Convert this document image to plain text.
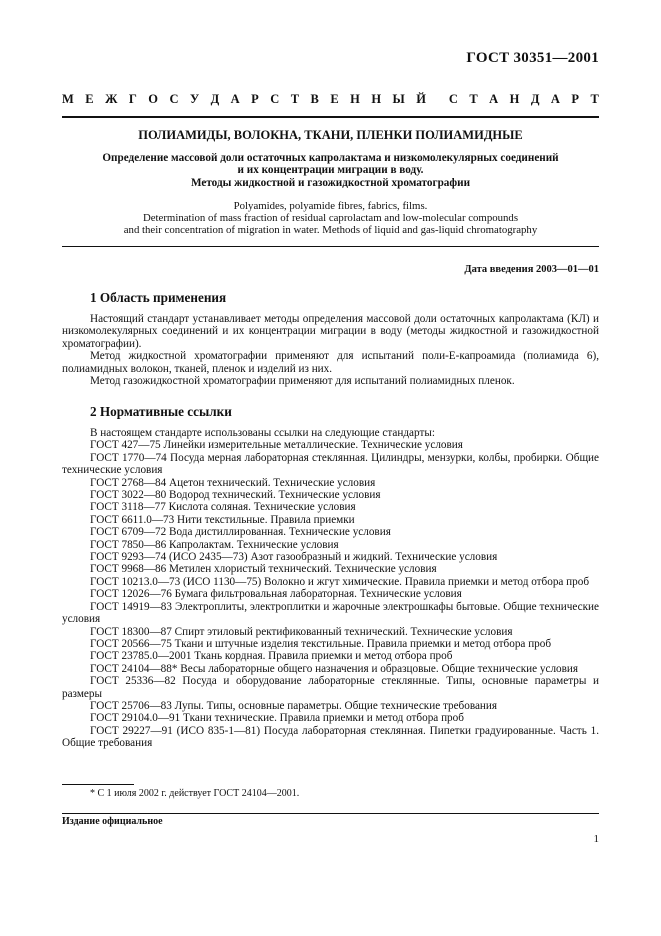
ГОСТ 30351—2001
М Е Ж Г О С У Д А Р С Т В Е Н Н Ы Й С Т А Н Д А Р Т
ПОЛИАМИДЫ, ВОЛОКНА, ТКАНИ, ПЛЕНКИ ПОЛИАМИДНЫЕ
Определение массовой доли остаточных капролактама и низкомолекулярных соединений
и их концентрации миграции в воду.
Методы жидкостной и газожидкостной хроматографии
Polyamides, polyamide fibres, fabrics, films.
Determination of mass fraction of residual caprolactam and low-molecular compounds
and their concentration of migration in water. Methods of liquid and gas-liquid chromatography
Дата введения 2003—01—01
1 Область применения

Настоящий стандарт устанавливает методы определения массовой доли остаточных капролактама (КЛ) и низкомолекулярных соединений и их концентрации миграции в воду (методы жидкостной и газожидкостной хроматографии).

Метод жидкостной хроматографии применяют для испытаний поли-Е-капроамида (полиамида 6), полиамидных волокон, тканей, пленок и изделий из них.

Метод газожидкостной хроматографии применяют для испытаний полиамидных пленок.

2 Нормативные ссылки

В настоящем стандарте использованы ссылки на следующие стандарты:

ГОСТ 427—75 Линейки измерительные металлические. Технические условия

ГОСТ 1770—74 Посуда мерная лабораторная стеклянная. Цилиндры, мензурки, колбы, пробирки. Общие технические условия

ГОСТ 2768—84 Ацетон технический. Технические условия

ГОСТ 3022—80 Водород технический. Технические условия

ГОСТ 3118—77 Кислота соляная. Технические условия

ГОСТ 6611.0—73 Нити текстильные. Правила приемки

ГОСТ 6709—72 Вода дистиллированная. Технические условия

ГОСТ 7850—86 Капролактам. Технические условия

ГОСТ 9293—74 (ИСО 2435—73) Азот газообразный и жидкий. Технические условия

ГОСТ 9968—86 Метилен хлористый технический. Технические условия

ГОСТ 10213.0—73 (ИСО 1130—75) Волокно и жгут химические. Правила приемки и метод отбора проб

ГОСТ 12026—76 Бумага фильтровальная лабораторная. Технические условия

ГОСТ 14919—83 Электроплиты, электроплитки и жарочные электрошкафы бытовые. Общие технические условия

ГОСТ 18300—87 Спирт этиловый ректификованный технический. Технические условия

ГОСТ 20566—75 Ткани и штучные изделия текстильные. Правила приемки и метод отбора проб

ГОСТ 23785.0—2001 Ткань кордная. Правила приемки и метод отбора проб

ГОСТ 24104—88* Весы лабораторные общего назначения и образцовые. Общие технические условия

ГОСТ 25336—82 Посуда и оборудование лабораторные стеклянные. Типы, основные параметры и размеры

ГОСТ 25706—83 Лупы. Типы, основные параметры. Общие технические требования

ГОСТ 29104.0—91 Ткани технические. Правила приемки и метод отбора проб

ГОСТ 29227—91 (ИСО 835-1—81) Посуда лабораторная стеклянная. Пипетки градуированные. Часть 1. Общие требования

* С 1 июля 2002 г. действует ГОСТ 24104—2001.
Издание официальное
1
